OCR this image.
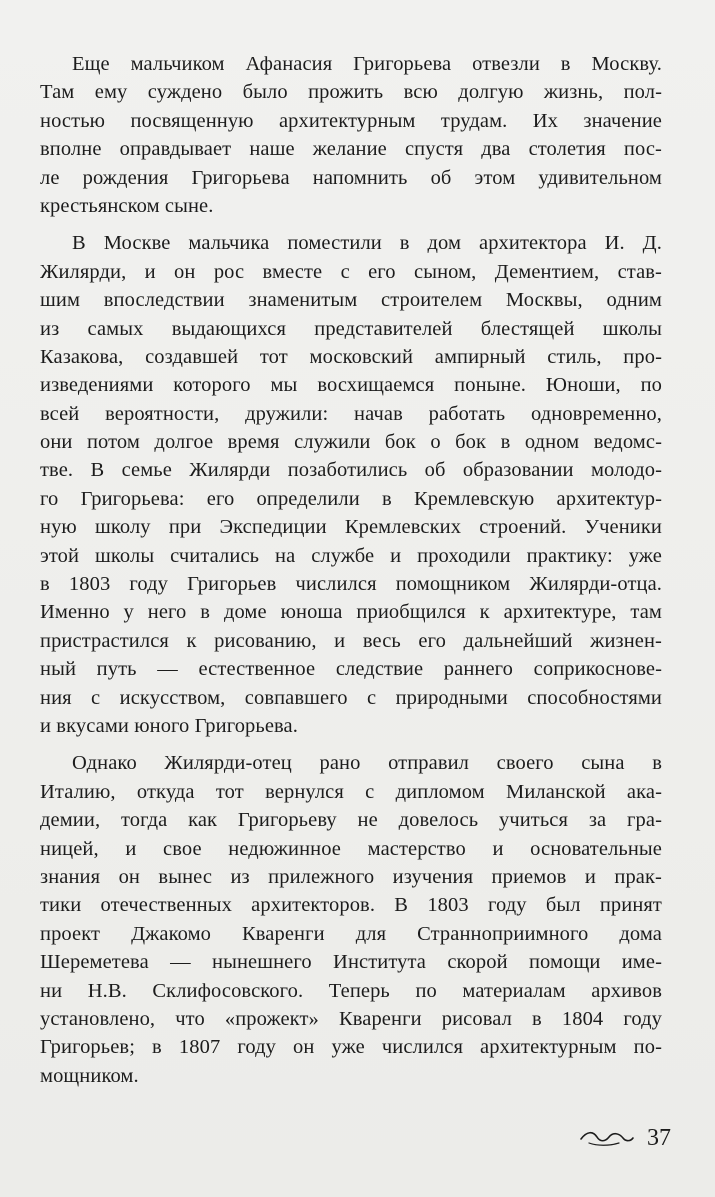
Еще мальчиком Афанасия Григорьева отвезли в Москву.
Там ему суждено было прожить всю долгую жизнь, пол-
ностью посвященную архитектурным трудам. Их значение
вполне оправдывает наше желание спустя два столетия пос-
ле рождения Григорьева напомнить об этом удивительном
крестьянском сыне.
В Москве мальчика поместили в дом архитектора И. Д.
Жилярди, и он рос вместе с его сыном, Дементием, став-
шим впоследствии знаменитым строителем Москвы, одним
из самых выдающихся представителей блестящей школы
Казакова, создавшей тот московский ампирный стиль, про-
изведениями которого мы восхищаемся поныне. Юноши, по
всей вероятности, дружили: начав работать одновременно,
они потом долгое время служили бок о бок в одном ведомс-
тве. В семье Жилярди позаботились об образовании молодо-
го Григорьева: его определили в Кремлевскую архитектур-
ную школу при Экспедиции Кремлевских строений. Ученики
этой школы считались на службе и проходили практику: уже
в 1803 году Григорьев числился помощником Жилярди-отца.
Именно у него в доме юноша приобщился к архитектуре, там
пристрастился к рисованию, и весь его дальнейший жизнен-
ный путь — естественное следствие раннего соприкоснове-
ния с искусством, совпавшего с природными способностями
и вкусами юного Григорьева.
Однако Жилярди-отец рано отправил своего сына в
Италию, откуда тот вернулся с дипломом Миланской ака-
демии, тогда как Григорьеву не довелось учиться за гра-
ницей, и свое недюжинное мастерство и основательные
знания он вынес из прилежного изучения приемов и прак-
тики отечественных архитекторов. В 1803 году был принят
проект Джакомо Кваренги для Странноприимного дома
Шереметева — нынешнего Института скорой помощи име-
ни Н.В. Склифосовского. Теперь по материалам архивов
установлено, что «прожект» Кваренги рисовал в 1804 году
Григорьев; в 1807 году он уже числился архитектурным по-
мощником.
37
